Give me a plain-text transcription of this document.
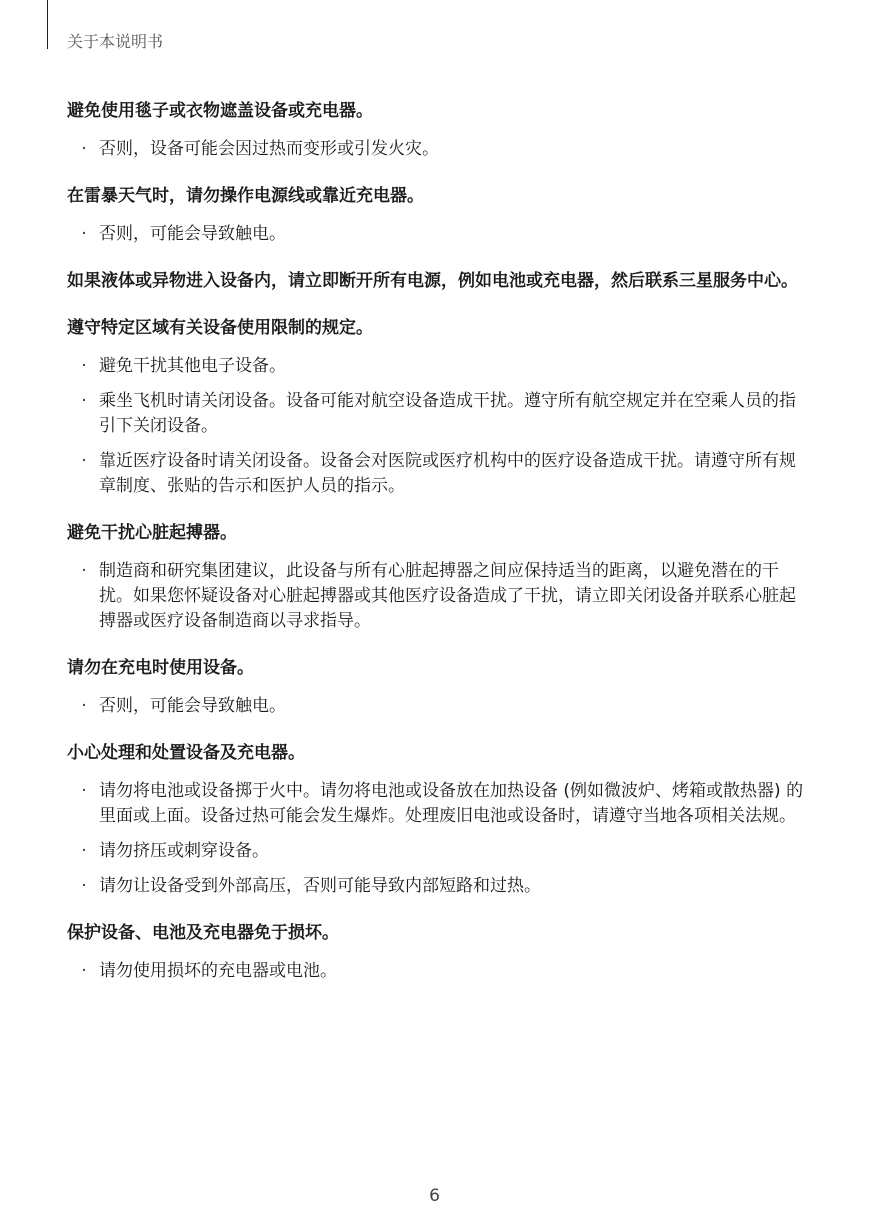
关于本说明书
避免使用毯子或衣物遮盖设备或充电器。
· 否则，设备可能会因过热而变形或引发火灾。
在雷暴天气时，请勿操作电源线或靠近充电器。
· 否则，可能会导致触电。
如果液体或异物进入设备内，请立即断开所有电源，例如电池或充电器，然后联系三星服务中心。
遵守特定区域有关设备使用限制的规定。
· 避免干扰其他电子设备。
· 乘坐飞机时请关闭设备。设备可能对航空设备造成干扰。遵守所有航空规定并在空乘人员的指引下关闭设备。
· 靠近医疗设备时请关闭设备。设备会对医院或医疗机构中的医疗设备造成干扰。请遵守所有规章制度、张贴的告示和医护人员的指示。
避免干扰心脏起搏器。
· 制造商和研究集团建议，此设备与所有心脏起搏器之间应保持适当的距离，以避免潜在的干扰。如果您怀疑设备对心脏起搏器或其他医疗设备造成了干扰，请立即关闭设备并联系心脏起搏器或医疗设备制造商以寻求指导。
请勿在充电时使用设备。
· 否则，可能会导致触电。
小心处理和处置设备及充电器。
· 请勿将电池或设备掷于火中。请勿将电池或设备放在加热设备 (例如微波炉、烤箱或散热器) 的里面或上面。设备过热可能会发生爆炸。处理废旧电池或设备时，请遵守当地各项相关法规。
· 请勿挤压或刺穿设备。
· 请勿让设备受到外部高压，否则可能导致内部短路和过热。
保护设备、电池及充电器免于损坏。
· 请勿使用损坏的充电器或电池。
6
